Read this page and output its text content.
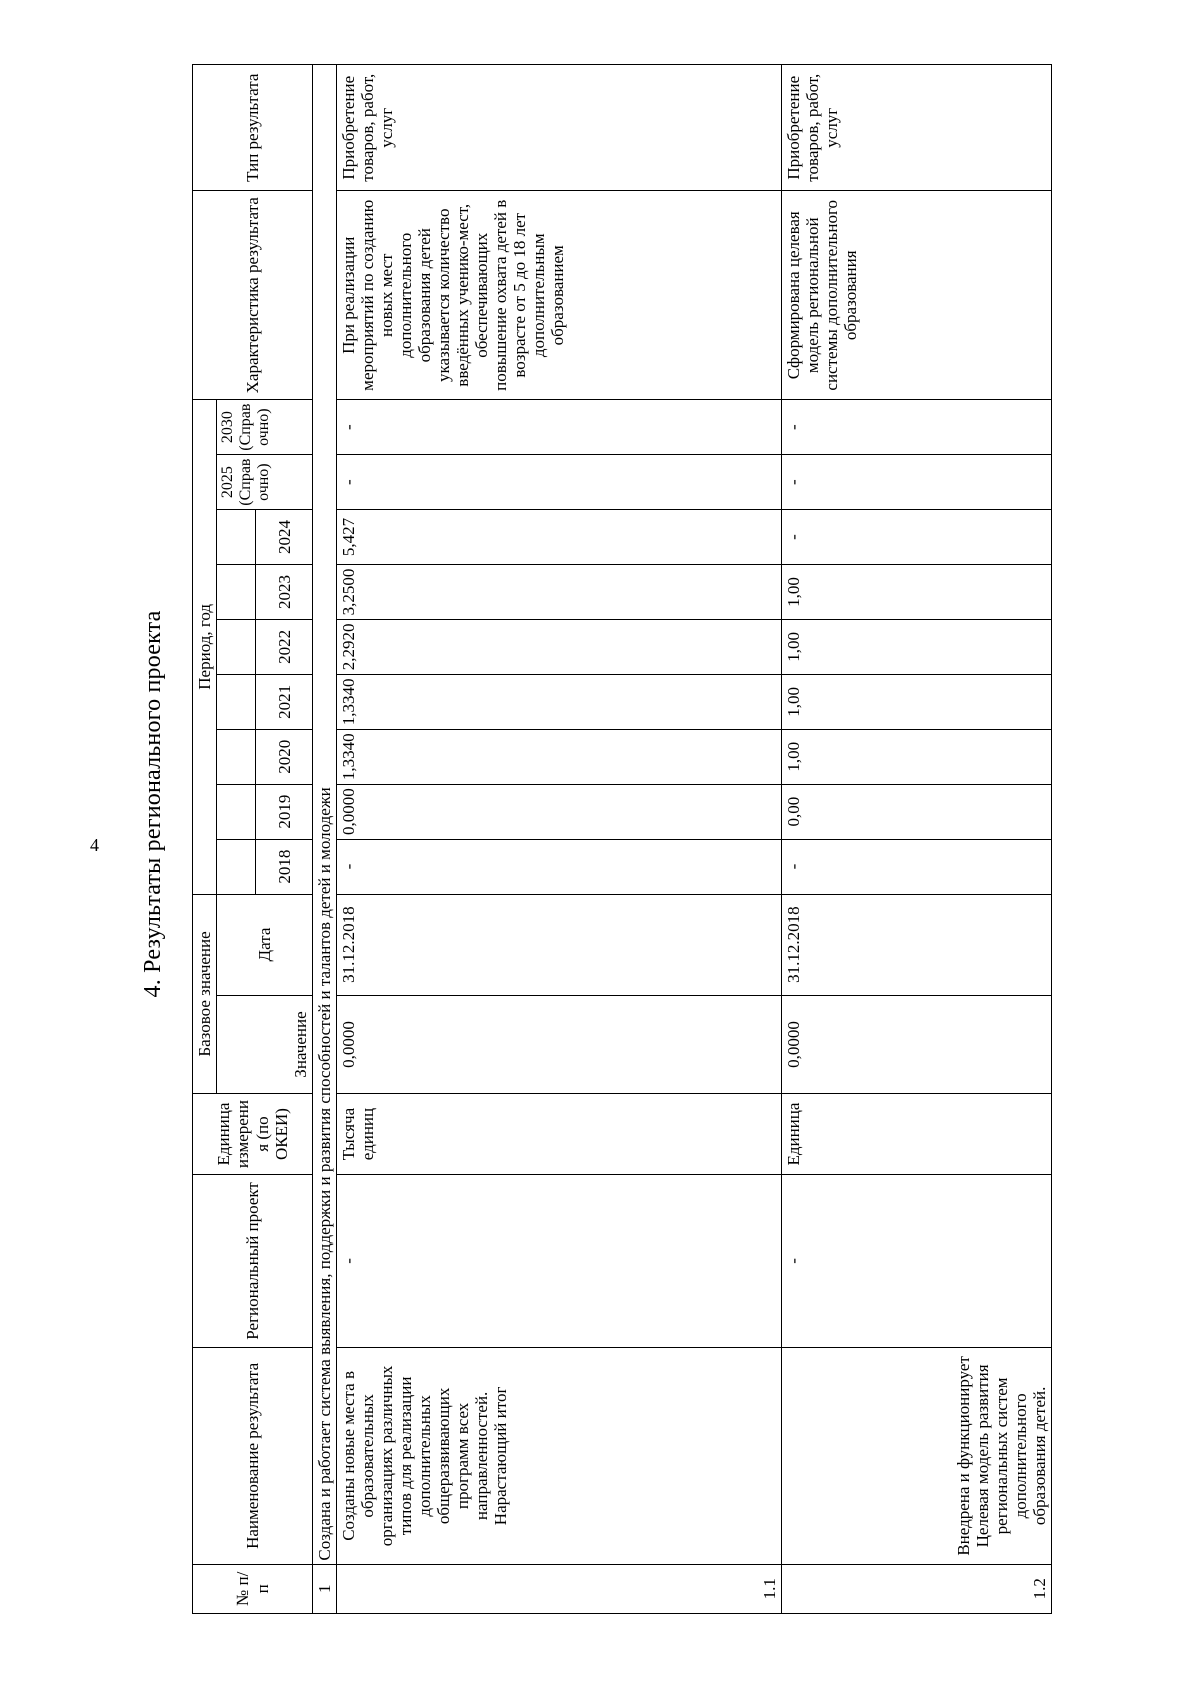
4 4. Результаты регионального проекта
№ п/п	Наименование результата	Региональный проект	Единица измерения (по ОКЕИ)	Базовое значение		Период, год									Характеристика результата	Тип результата
				Значение	Дата								2025 (Справочно)	2030 (Справочно)		
						2018	2019	2020	2021	2022	2023	2024				
1	Создана и работает система выявления, поддержки и развития способностей и талантов детей и молодежи															
1.1	Созданы новые места в образовательных организациях различных типов для реализации дополнительных общеразвивающих программ всех направленностей. Нарастающий итог	-	Тысяча единиц	0,0000	31.12.2018	-	0,0000	1,3340	1,3340	2,2920	3,2500	5,427	-	-	При реализации мероприятий по созданию новых мест дополнительного образования детей указывается количество введённых ученико-мест, обеспечивающих повышение охвата детей в возрасте от 5 до 18 лет дополнительным образованием	Приобретение товаров, работ, услуг
1.2	Внедрена и функционирует Целевая модель развития региональных систем дополнительного образования детей.	-	Единица	0,0000	31.12.2018	-	0,00	1,00	1,00	1,00	1,00	-	-	-	Сформирована целевая модель региональной системы дополнительного образования	Приобретение товаров, работ, услуг
